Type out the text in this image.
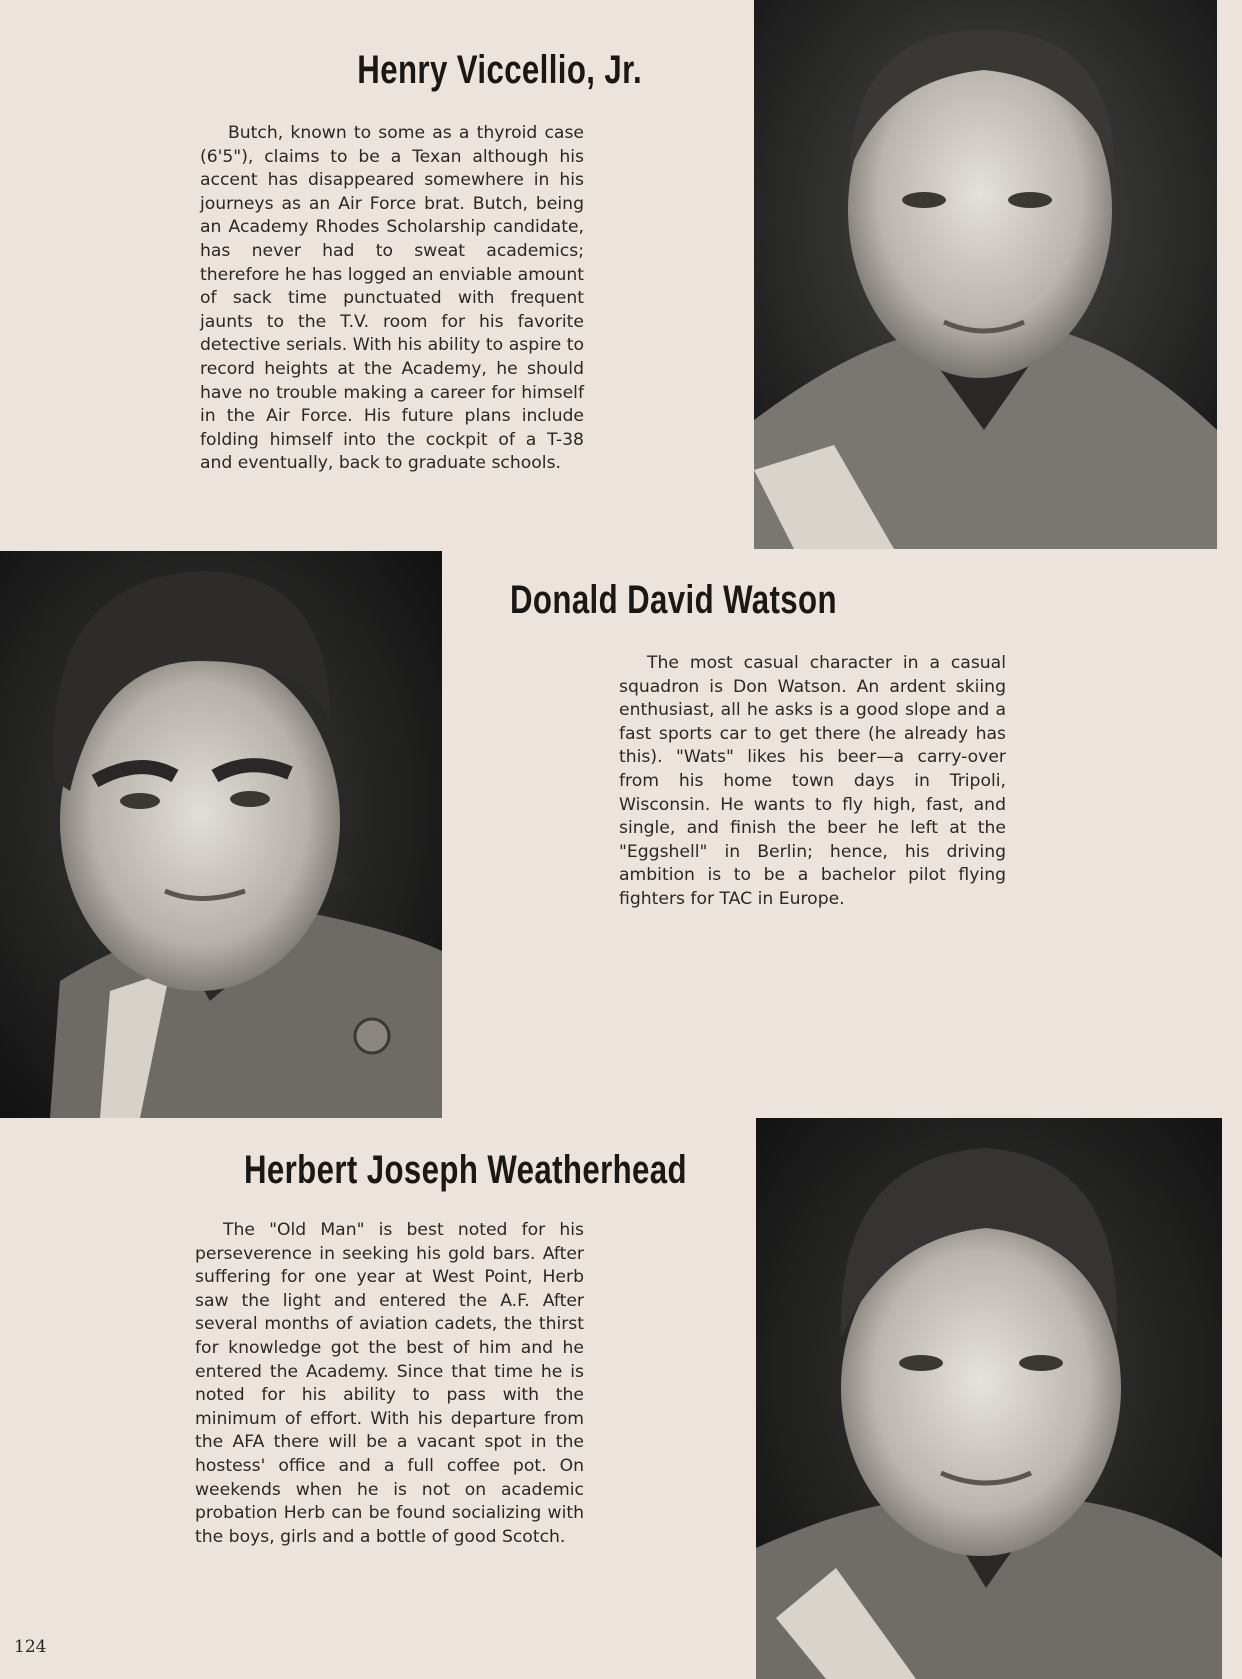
Henry Viccellio, Jr.

Butch, known to some as a thyroid case (6'5"), claims to be a Texan although his accent has disappeared somewhere in his journeys as an Air Force brat. Butch, being an Academy Rhodes Scholarship candidate, has never had to sweat academics; therefore he has logged an enviable amount of sack time punctuated with frequent jaunts to the T.V. room for his favorite detective serials. With his ability to aspire to record heights at the Academy, he should have no trouble making a career for himself in the Air Force. His future plans include folding himself into the cockpit of a T-38 and eventually, back to graduate schools.

Donald David Watson

The most casual character in a casual squadron is Don Watson. An ardent skiing enthusiast, all he asks is a good slope and a fast sports car to get there (he already has this). "Wats" likes his beer—a carry-over from his home town days in Tripoli, Wisconsin. He wants to fly high, fast, and single, and finish the beer he left at the "Eggshell" in Berlin; hence, his driving ambition is to be a bachelor pilot flying fighters for TAC in Europe.

Herbert Joseph Weatherhead

The "Old Man" is best noted for his perseverence in seeking his gold bars. After suffering for one year at West Point, Herb saw the light and entered the A.F. After several months of aviation cadets, the thirst for knowledge got the best of him and he entered the Academy. Since that time he is noted for his ability to pass with the minimum of effort. With his departure from the AFA there will be a vacant spot in the hostess' office and a full coffee pot. On weekends when he is not on academic probation Herb can be found socializing with the boys, girls and a bottle of good Scotch.

124
